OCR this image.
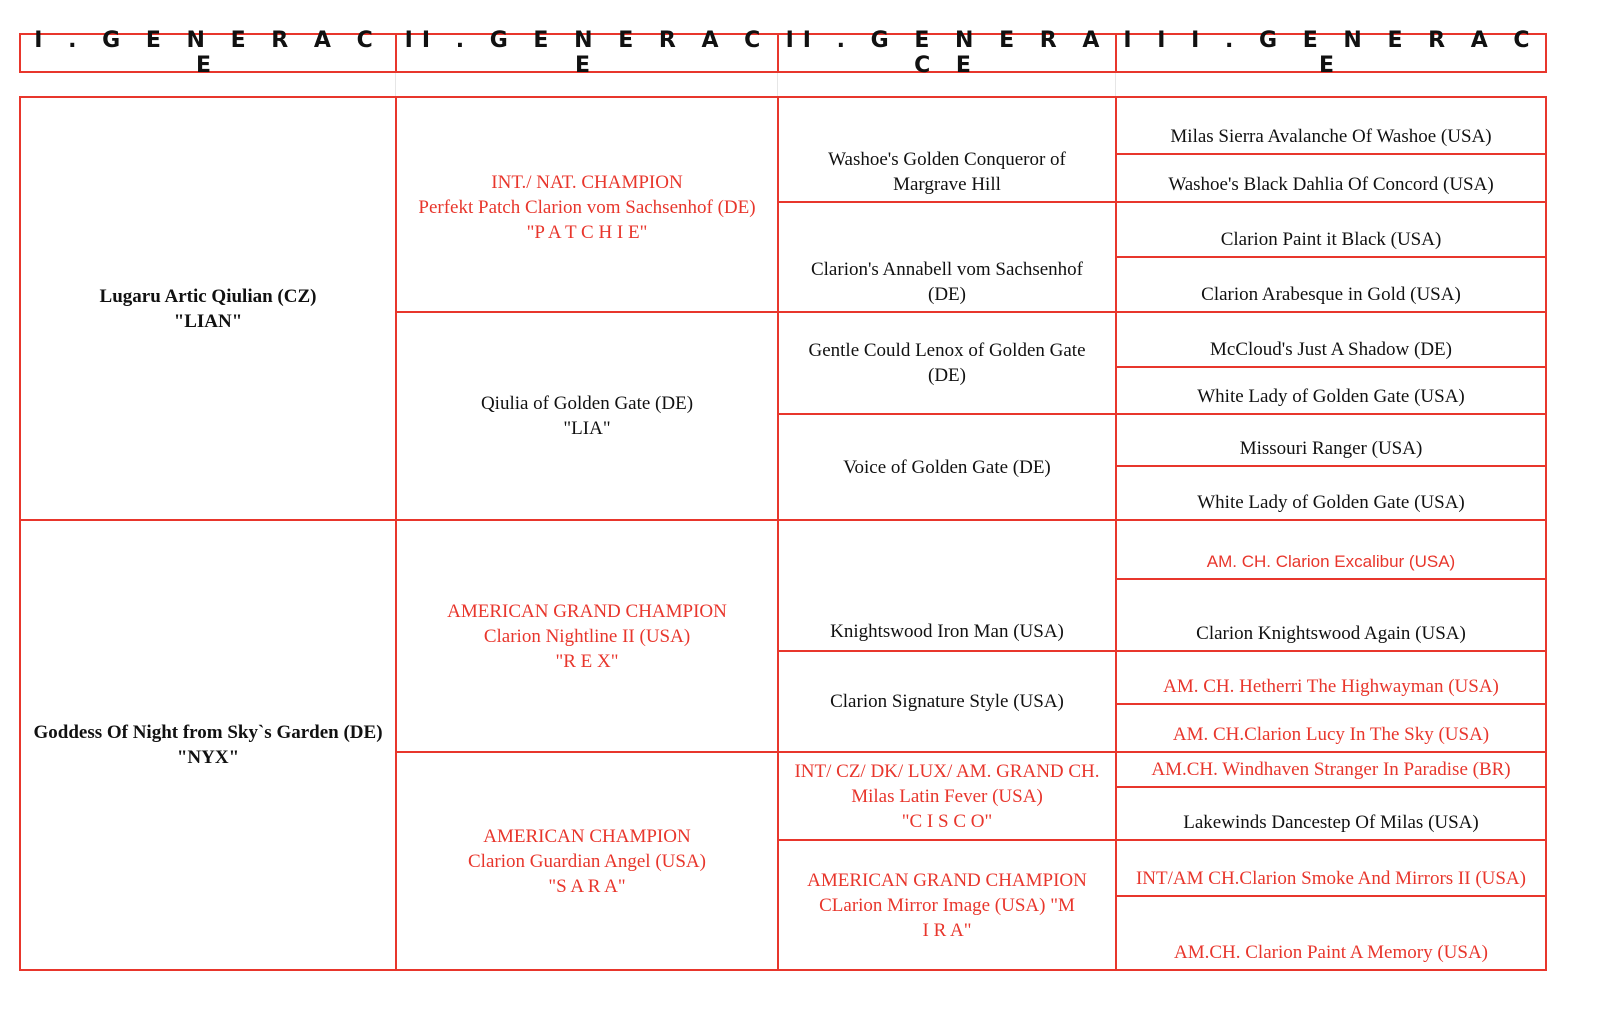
I . G E N E R A C E
II . G E N E R A C E
II . G E N E R A C E
I I I . G E N E R A C E
Lugaru Artic Qiulian (CZ)
"LIAN"
Goddess Of Night from Sky`s Garden (DE)
"NYX"
INT./ NAT. CHAMPION
Perfekt Patch Clarion vom Sachsenhof (DE)
"P A T C H I E"
Qiulia of Golden Gate (DE)
"LIA"
AMERICAN GRAND CHAMPION
Clarion Nightline II (USA)
"R E X"
AMERICAN CHAMPION
Clarion Guardian Angel (USA)
"S A R A"
Washoe's Golden Conqueror of
Margrave Hill
Clarion's Annabell vom Sachsenhof
(DE)
Gentle Could Lenox of Golden Gate
(DE)
Voice of Golden Gate (DE)
Knightswood Iron Man (USA)
Clarion Signature Style (USA)
INT/ CZ/ DK/ LUX/ AM. GRAND CH.
Milas Latin Fever (USA)
"C I S C O"
AMERICAN GRAND CHAMPION
CLarion Mirror Image (USA) "M
I R A"
Milas Sierra Avalanche Of Washoe (USA)
Washoe's Black Dahlia Of Concord (USA)
Clarion Paint it Black (USA)
Clarion Arabesque in Gold (USA)
McCloud's Just A Shadow (DE)
White Lady of Golden Gate (USA)
Missouri Ranger (USA)
White Lady of Golden Gate (USA)
AM. CH. Clarion Excalibur (USA)
Clarion Knightswood Again (USA)
AM. CH. Hetherri The Highwayman (USA)
AM. CH.Clarion Lucy In The Sky (USA)
AM.CH. Windhaven Stranger In Paradise (BR)
Lakewinds Dancestep Of Milas (USA)
INT/AM CH.Clarion Smoke And Mirrors II (USA)
AM.CH. Clarion Paint A Memory (USA)
